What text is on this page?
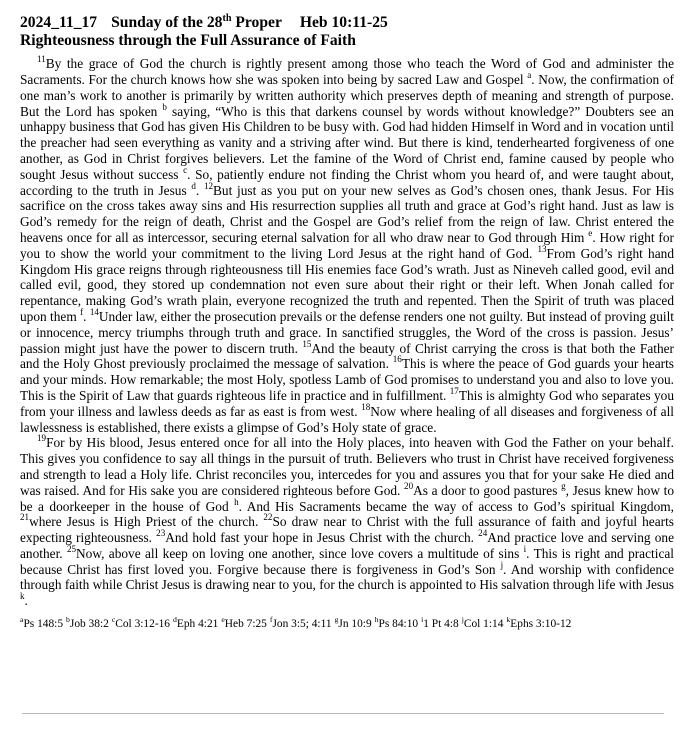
2024_11_17 Sunday of the 28th Proper Heb 10:11-25
Righteousness through the Full Assurance of Faith

$^{11}$By the grace of God the church is rightly present among those who teach the Word of God and administer the Sacraments. For the church knows how she was spoken into being by sacred Law and Gospel $^a$. Now, the confirmation of one man’s work to another is primarily by written authority which preserves depth of meaning and strength of purpose. But the Lord has spoken $^b$ saying, “Who is this that darkens counsel by words without knowledge?” Doubters see an unhappy business that God has given His Children to be busy with. God had hidden Himself in Word and in vocation until the preacher had seen everything as vanity and a striving after wind. But there is kind, tenderhearted forgiveness of one another, as God in Christ forgives believers. Let the famine of the Word of Christ end, famine caused by people who sought Jesus without success $^c$. So, patiently endure not finding the Christ whom you heard of, and were taught about, according to the truth in Jesus $^d$. $^{12}$But just as you put on your new selves as God’s chosen ones, thank Jesus. For His sacrifice on the cross takes away sins and His resurrection supplies all truth and grace at God’s right hand. Just as law is God’s remedy for the reign of death, Christ and the Gospel are God’s relief from the reign of law. Christ entered the heavens once for all as intercessor, securing eternal salvation for all who draw near to God through Him $^e$. How right for you to show the world your commitment to the living Lord Jesus at the right hand of God. $^{13}$From God’s right hand Kingdom His grace reigns through righteousness till His enemies face God’s wrath. Just as Nineveh called good, evil and called evil, good, they stored up condemnation not even sure about their right or their left. When Jonah called for repentance, making God’s wrath plain, everyone recognized the truth and repented. Then the Spirit of truth was placed upon them $^f$. $^{14}$Under law, either the prosecution prevails or the defense renders one not guilty. But instead of proving guilt or innocence, mercy triumphs through truth and grace. In sanctified struggles, the Word of the cross is passion. Jesus’ passion might just have the power to discern truth. $^{15}$And the beauty of Christ carrying the cross is that both the Father and the Holy Ghost previously proclaimed the message of salvation. $^{16}$This is where the peace of God guards your hearts and your minds. How remarkable; the most Holy, spotless Lamb of God promises to understand you and also to love you. This is the Spirit of Law that guards righteous life in practice and in fulfillment. $^{17}$This is almighty God who separates you from your illness and lawless deeds as far as east is from west. $^{18}$Now where healing of all diseases and forgiveness of all lawlessness is established, there exists a glimpse of God’s Holy state of grace.

$^{19}$For by His blood, Jesus entered once for all into the Holy places, into heaven with God the Father on your behalf. This gives you confidence to say all things in the pursuit of truth. Believers who trust in Christ have received forgiveness and strength to lead a Holy life. Christ reconciles you, intercedes for you and assures you that for your sake He died and was raised. And for His sake you are considered righteous before God. $^{20}$As a door to good pastures $^g$, Jesus knew how to be a doorkeeper in the house of God $^h$. And His Sacraments became the way of access to God’s spiritual Kingdom, $^{21}$where Jesus is High Priest of the church. $^{22}$So draw near to Christ with the full assurance of faith and joyful hearts expecting righteousness. $^{23}$And hold fast your hope in Jesus Christ with the church. $^{24}$And practice love and serving one another. $^{25}$Now, above all keep on loving one another, since love covers a multitude of sins $^i$. This is right and practical because Christ has first loved you. Forgive because there is forgiveness in God’s Son $^j$. And worship with confidence through faith while Christ Jesus is drawing near to you, for the church is appointed to His salvation through life with Jesus $^k$.

$^a$Ps 148:5 $^b$Job 38:2 $^c$Col 3:12-16 $^d$Eph 4:21 $^e$Heb 7:25 $^f$Jon 3:5; 4:11 $^g$Jn 10:9 $^h$Ps 84:10 $^i$1 Pt 4:8 $^j$Col 1:14 $^k$Ephs 3:10-12
